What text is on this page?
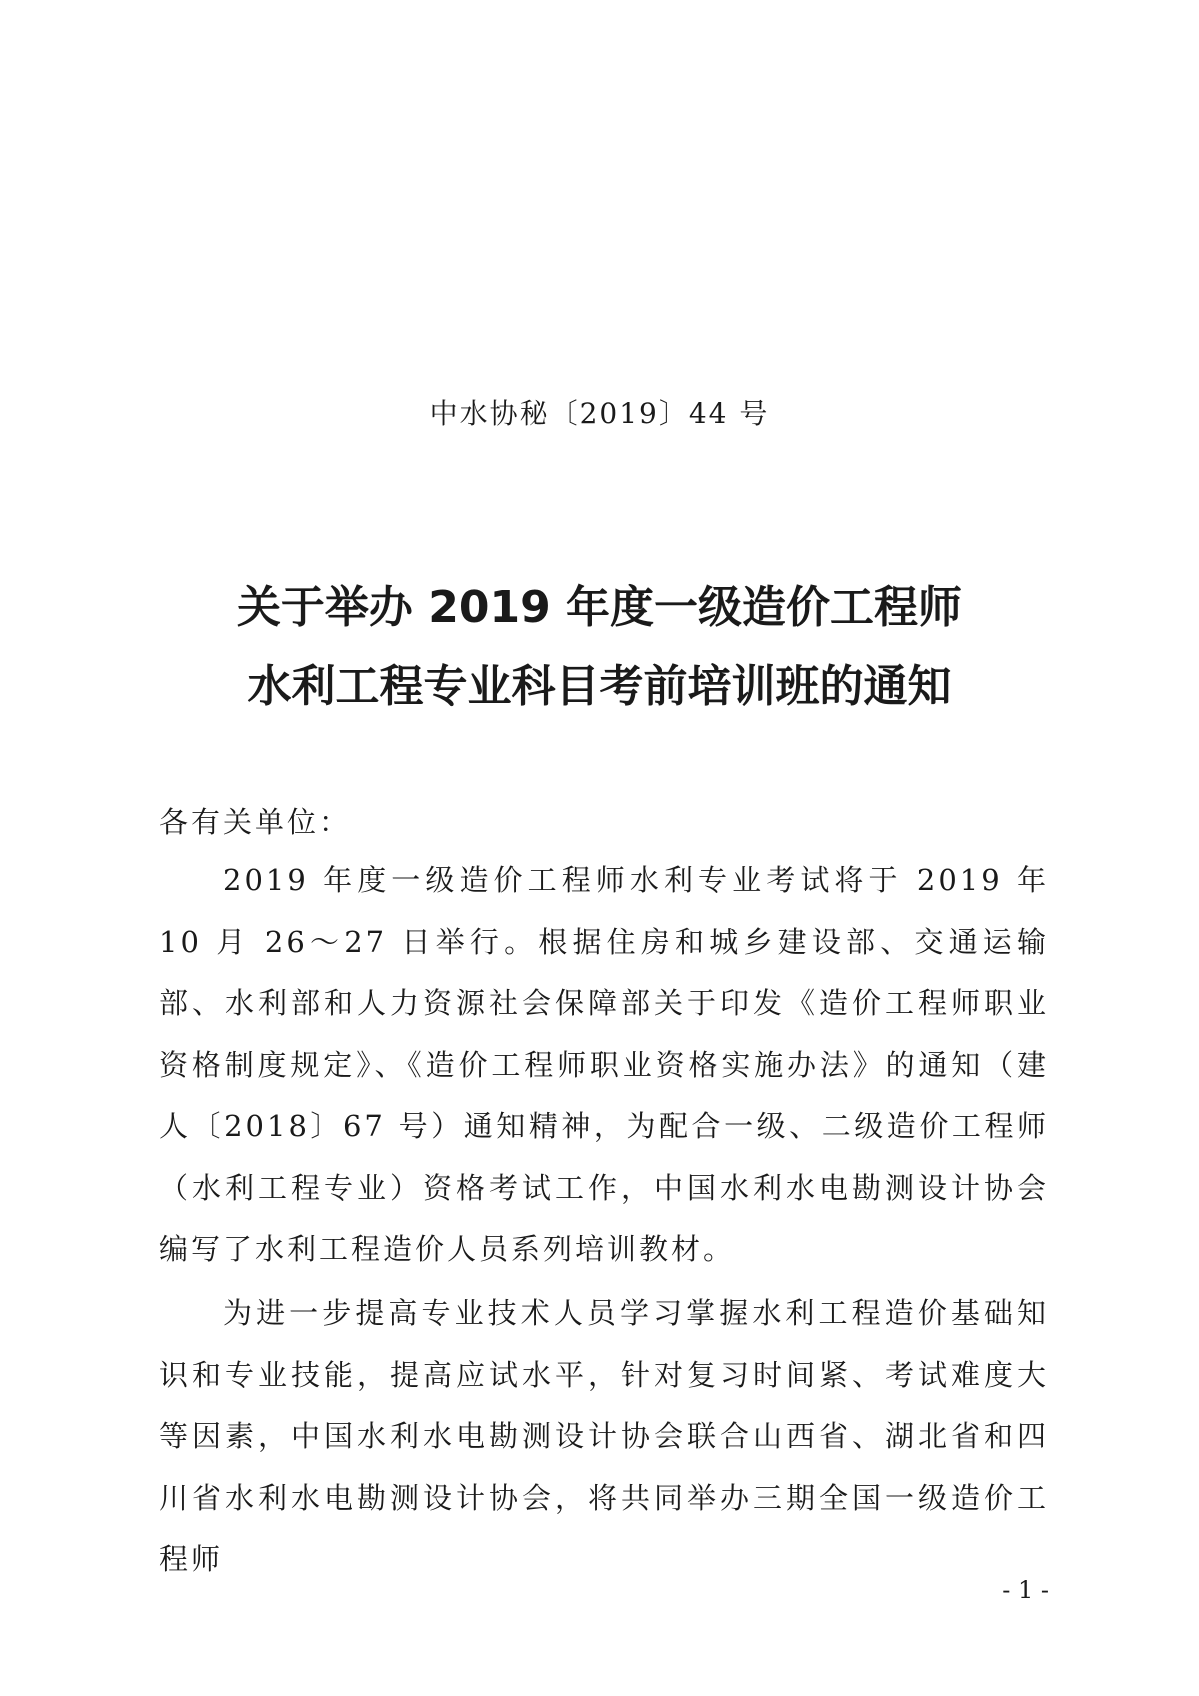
中水协秘〔2019〕44 号
关于举办 2019 年度一级造价工程师
水利工程专业科目考前培训班的通知
各有关单位：

2019 年度一级造价工程师水利专业考试将于 2019 年 10 月 26～27 日举行。根据住房和城乡建设部、交通运输部、水利部和人力资源社会保障部关于印发《造价工程师职业资格制度规定》、《造价工程师职业资格实施办法》的通知（建人〔2018〕67 号）通知精神，为配合一级、二级造价工程师（水利工程专业）资格考试工作，中国水利水电勘测设计协会编写了水利工程造价人员系列培训教材。

为进一步提高专业技术人员学习掌握水利工程造价基础知识和专业技能，提高应试水平，针对复习时间紧、考试难度大等因素，中国水利水电勘测设计协会联合山西省、湖北省和四川省水利水电勘测设计协会，将共同举办三期全国一级造价工程师

- 1 -
